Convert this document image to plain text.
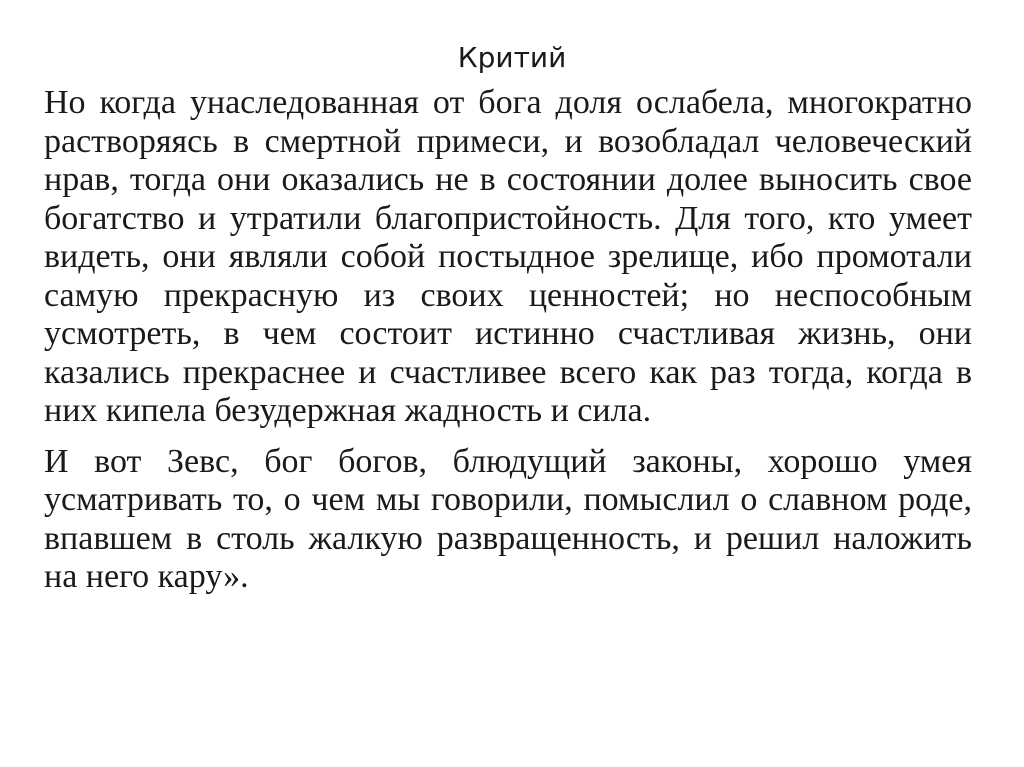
Критий

Но когда унаследованная от бога доля ослабела, многократно растворяясь в смертной примеси, и возобладал человеческий нрав, тогда они оказались не в состоянии долее выносить свое богатство и утратили благопристойность. Для того, кто умеет видеть, они являли собой постыдное зрелище, ибо промотали самую прекрасную из своих ценностей; но неспособным усмотреть, в чем состоит истинно счастливая жизнь, они казались прекраснее и счастливее всего как раз тогда, когда в них кипела безудержная жадность и сила.

И вот Зевс, бог богов, блюдущий законы, хорошо умея усматривать то, о чем мы говорили, помыслил о славном роде, впавшем в столь жалкую развращенность, и решил наложить на него кару».
